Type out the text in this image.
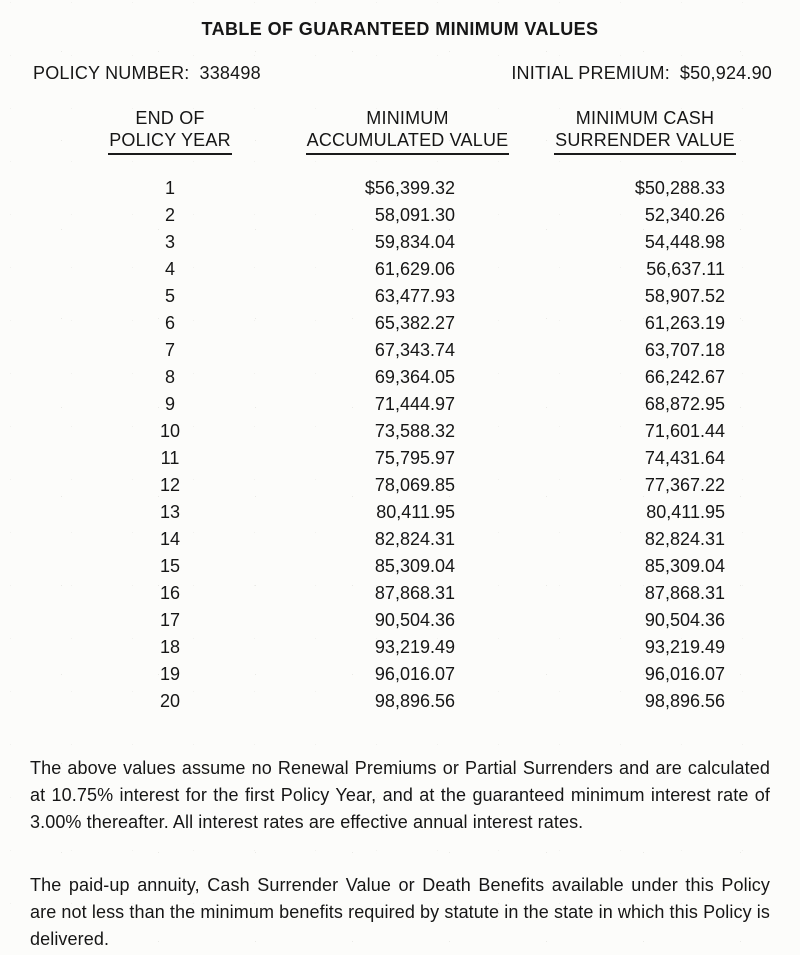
TABLE OF GUARANTEED MINIMUM VALUES
POLICY NUMBER: 338498	INITIAL PREMIUM: $50,924.90
END OF
POLICY YEAR

MINIMUM
ACCUMULATED VALUE

MINIMUM CASH
SURRENDER VALUE

1	$56,399.32	$50,288.33
2	58,091.30	52,340.26
3	59,834.04	54,448.98
4	61,629.06	56,637.11
5	63,477.93	58,907.52
6	65,382.27	61,263.19
7	67,343.74	63,707.18
8	69,364.05	66,242.67
9	71,444.97	68,872.95
10	73,588.32	71,601.44
11	75,795.97	74,431.64
12	78,069.85	77,367.22
13	80,411.95	80,411.95
14	82,824.31	82,824.31
15	85,309.04	85,309.04
16	87,868.31	87,868.31
17	90,504.36	90,504.36
18	93,219.49	93,219.49
19	96,016.07	96,016.07
20	98,896.56	98,896.56

The above values assume no Renewal Premiums or Partial Surrenders and are calculated at 10.75% interest for the first Policy Year, and at the guaranteed minimum interest rate of 3.00% thereafter. All interest rates are effective annual interest rates.

The paid-up annuity, Cash Surrender Value or Death Benefits available under this Policy are not less than the minimum benefits required by statute in the state in which this Policy is delivered.
